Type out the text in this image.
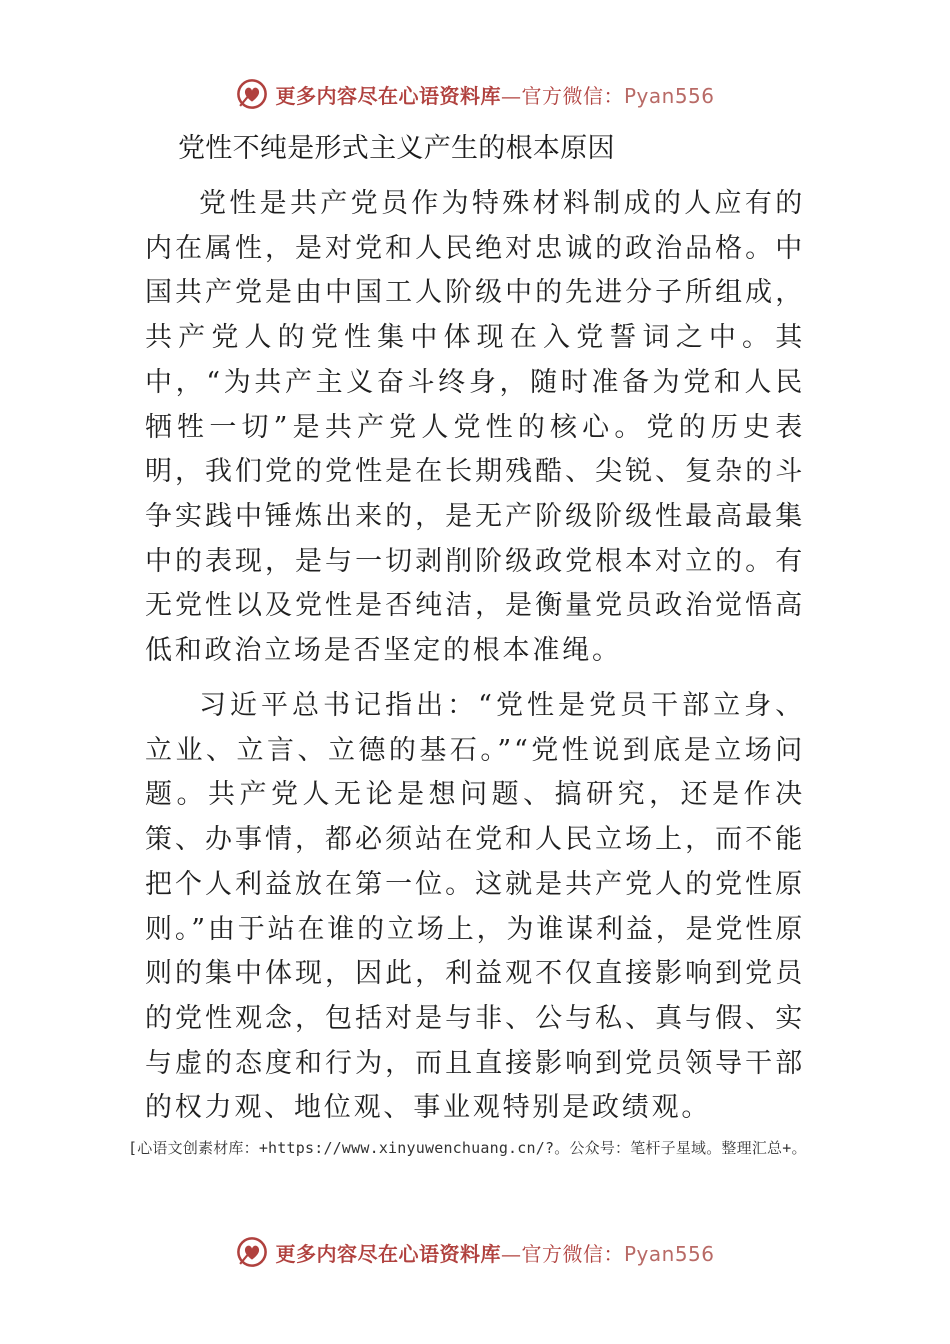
更多内容尽在心语资料库—官方微信：Pyan556
党性不纯是形式主义产生的根本原因

党性是共产党员作为特殊材料制成的人应有的内在属性，是对党和人民绝对忠诚的政治品格。中国共产党是由中国工人阶级中的先进分子所组成，共产党人的党性集中体现在入党誓词之中。其中，“为共产主义奋斗终身，随时准备为党和人民牺牲一切”是共产党人党性的核心。党的历史表明，我们党的党性是在长期残酷、尖锐、复杂的斗争实践中锤炼出来的，是无产阶级阶级性最高最集中的表现，是与一切剥削阶级政党根本对立的。有无党性以及党性是否纯洁，是衡量党员政治觉悟高低和政治立场是否坚定的根本准绳。

习近平总书记指出：“党性是党员干部立身、立业、立言、立德的基石。”“党性说到底是立场问题。共产党人无论是想问题、搞研究，还是作决策、办事情，都必须站在党和人民立场上，而不能把个人利益放在第一位。这就是共产党人的党性原则。”由于站在谁的立场上，为谁谋利益，是党性原则的集中体现，因此，利益观不仅直接影响到党员的党性观念，包括对是与非、公与私、真与假、实与虚的态度和行为，而且直接影响到党员领导干部的权力观、地位观、事业观特别是政绩观。

[心语文创素材库：+https://www.xinyuwenchuang.cn/?。公众号：笔杆子星域。整理汇总+。
更多内容尽在心语资料库—官方微信：Pyan556
